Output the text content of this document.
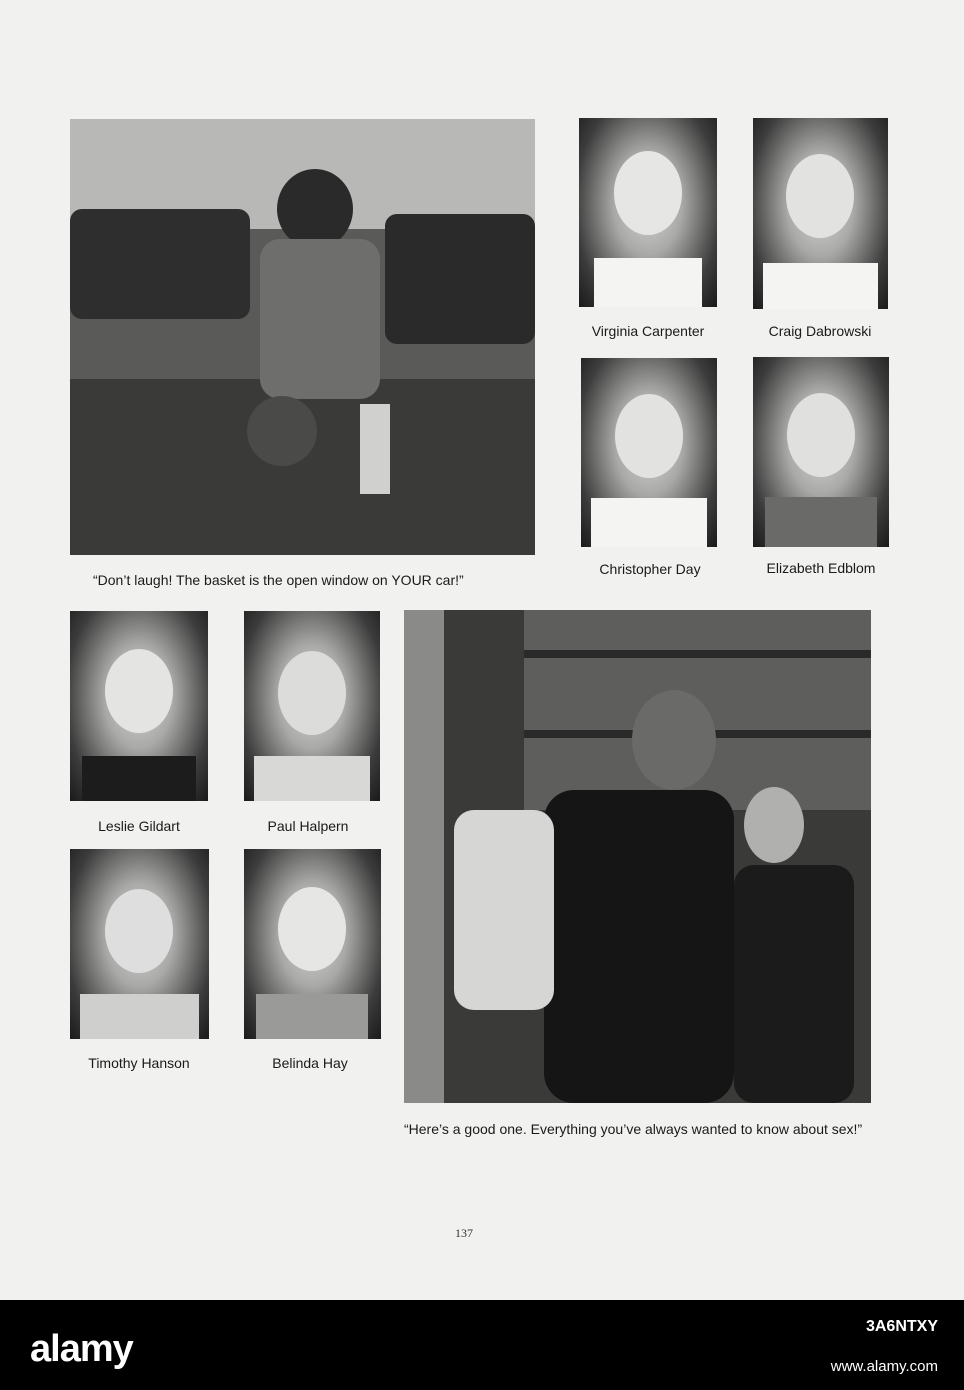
“Don’t laugh! The basket is the open window on YOUR car!”
Virginia Carpenter	Craig Dabrowski
Christopher Day	Elizabeth Edblom
Leslie Gildart	Paul Halpern
Timothy Hanson	Belinda Hay
“Here’s a good one. Everything you’ve always wanted to know about sex!”
137
alamy
3A6NTXY
www.alamy.com
